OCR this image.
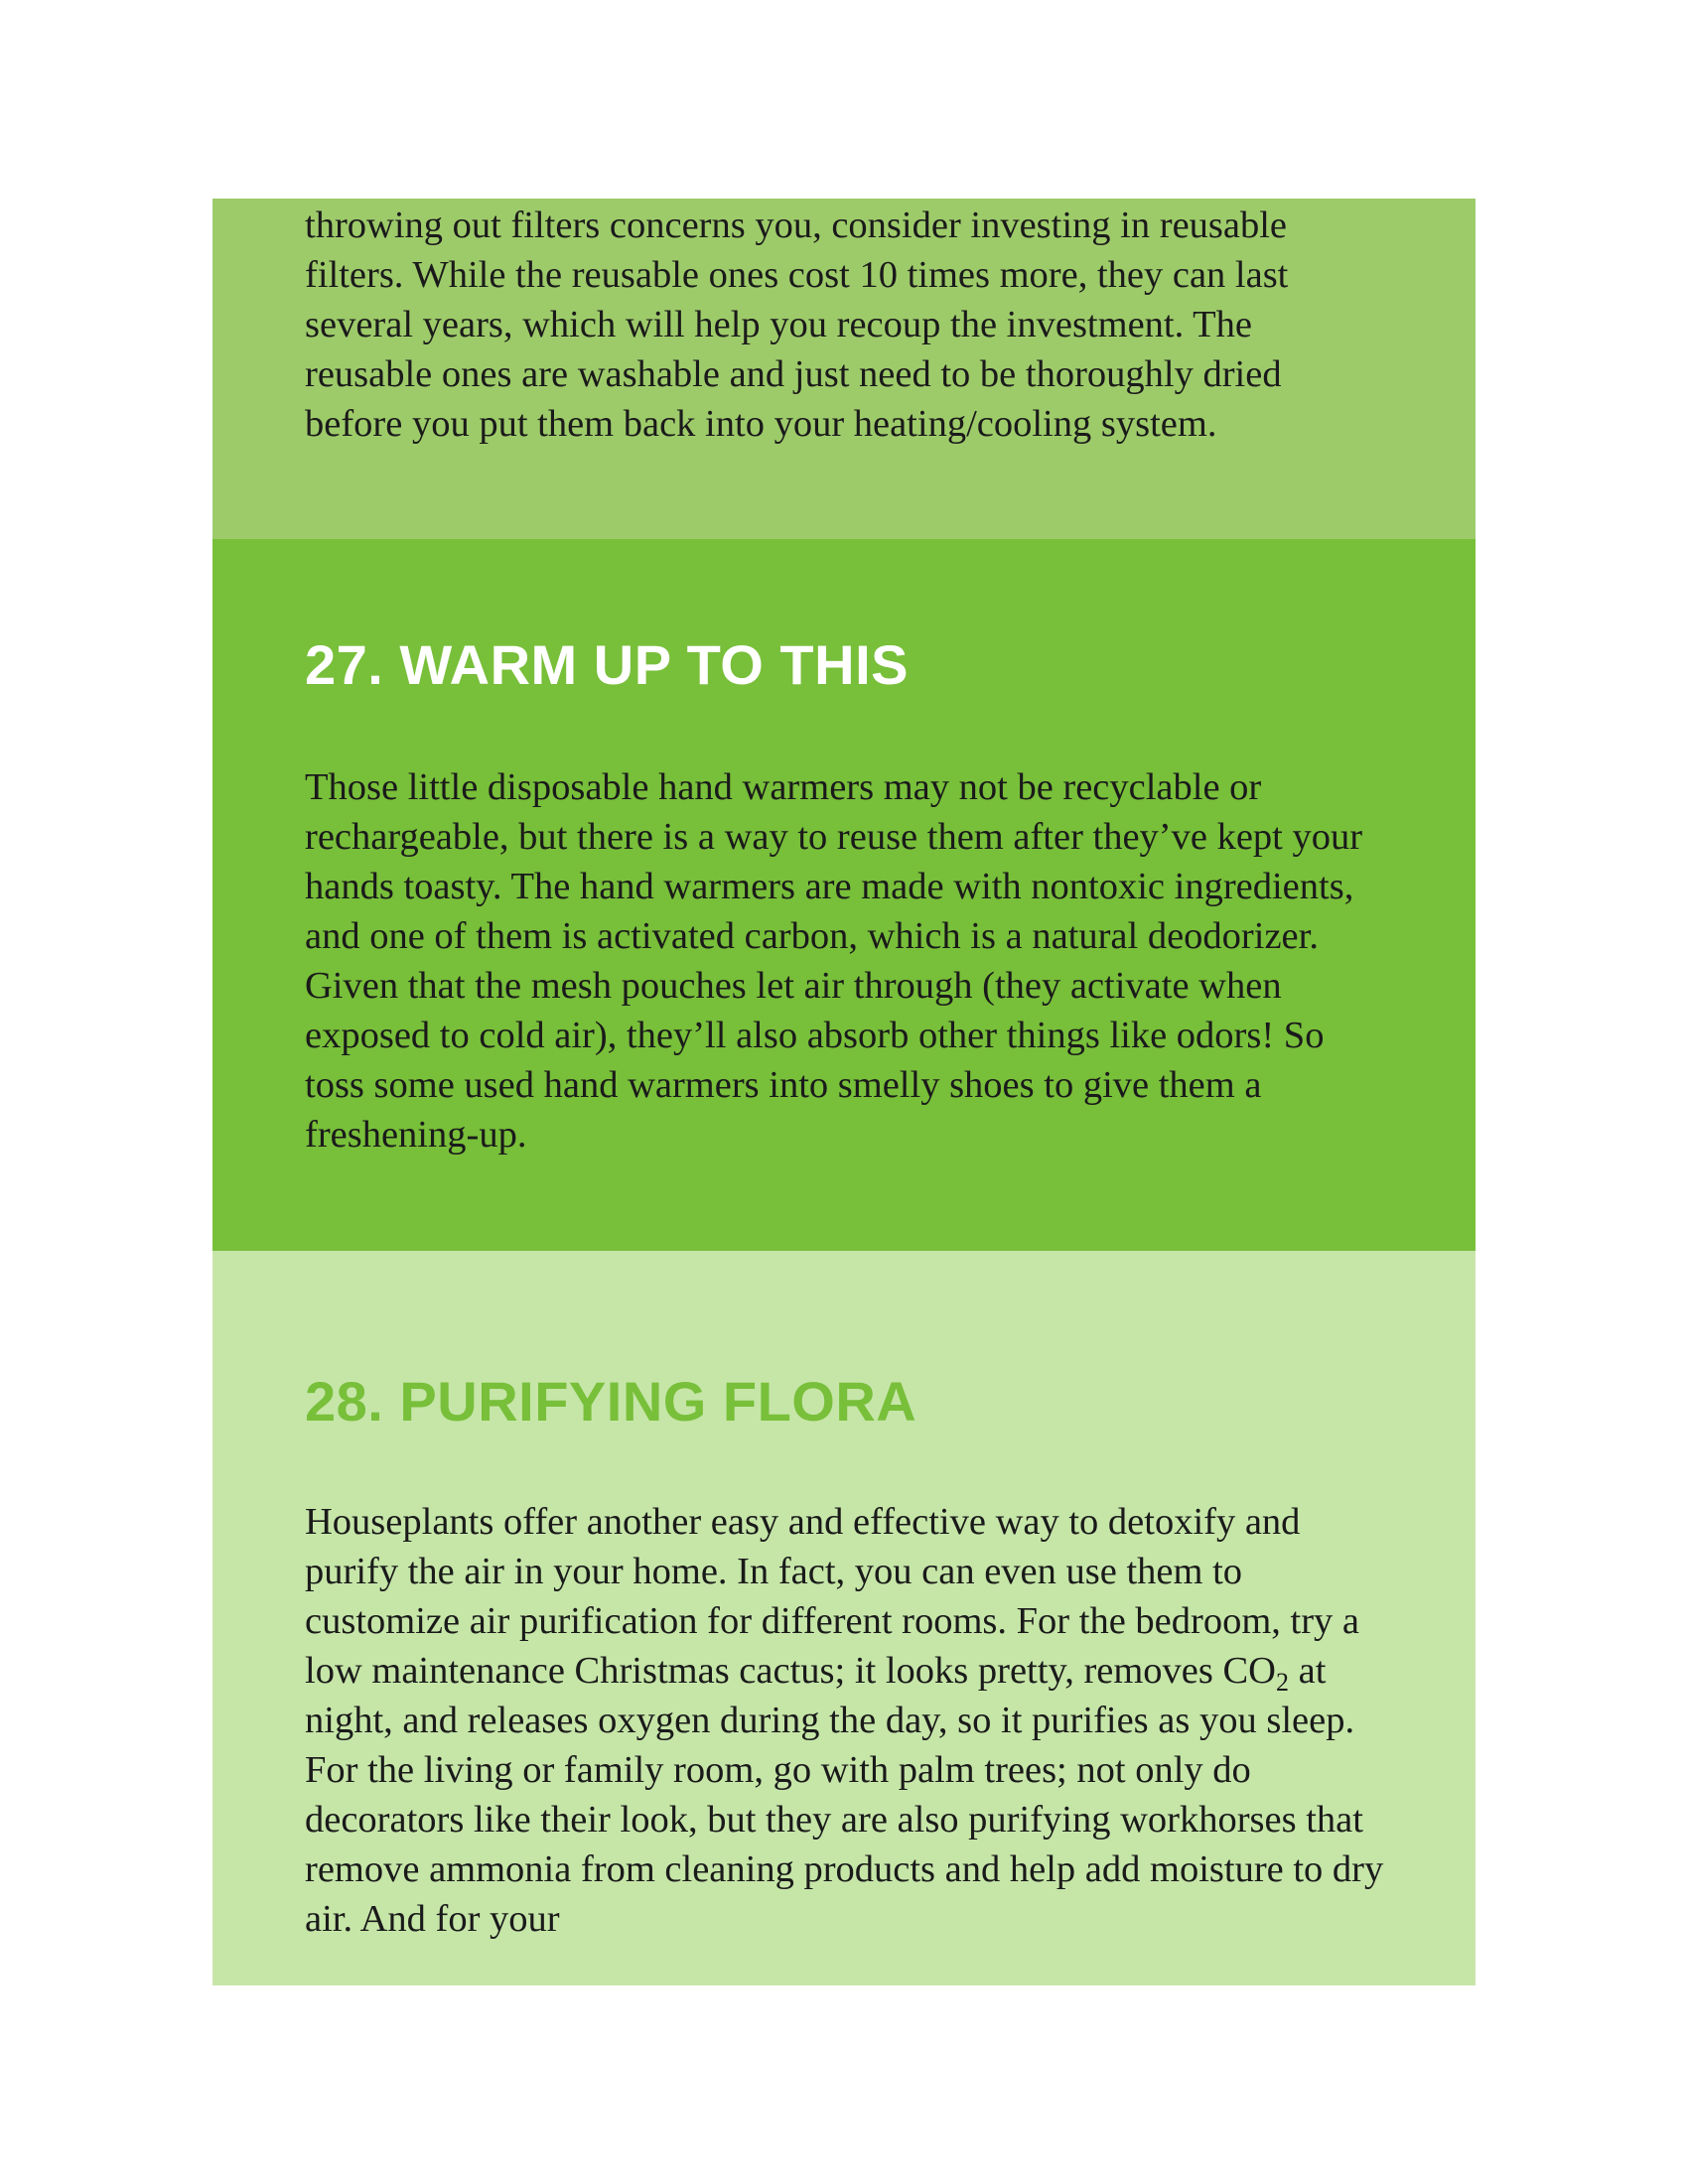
throwing out filters concerns you, consider investing in reusable filters. While the reusable ones cost 10 times more, they can last several years, which will help you recoup the investment. The reusable ones are washable and just need to be thoroughly dried before you put them back into your heating/cooling system.

27. WARM UP TO THIS

Those little disposable hand warmers may not be recyclable or rechargeable, but there is a way to reuse them after they’ve kept your hands toasty. The hand warmers are made with nontoxic ingredients, and one of them is activated carbon, which is a natural deodorizer. Given that the mesh pouches let air through (they activate when exposed to cold air), they’ll also absorb other things like odors! So toss some used hand warmers into smelly shoes to give them a freshening-up.

28. PURIFYING FLORA

Houseplants offer another easy and effective way to detoxify and purify the air in your home. In fact, you can even use them to customize air purification for different rooms. For the bedroom, try a low maintenance Christmas cactus; it looks pretty, removes $CO_2$ at night, and releases oxygen during the day, so it purifies as you sleep. For the living or family room, go with palm trees; not only do decorators like their look, but they are also purifying workhorses that remove ammonia from cleaning products and help add moisture to dry air. And for your
